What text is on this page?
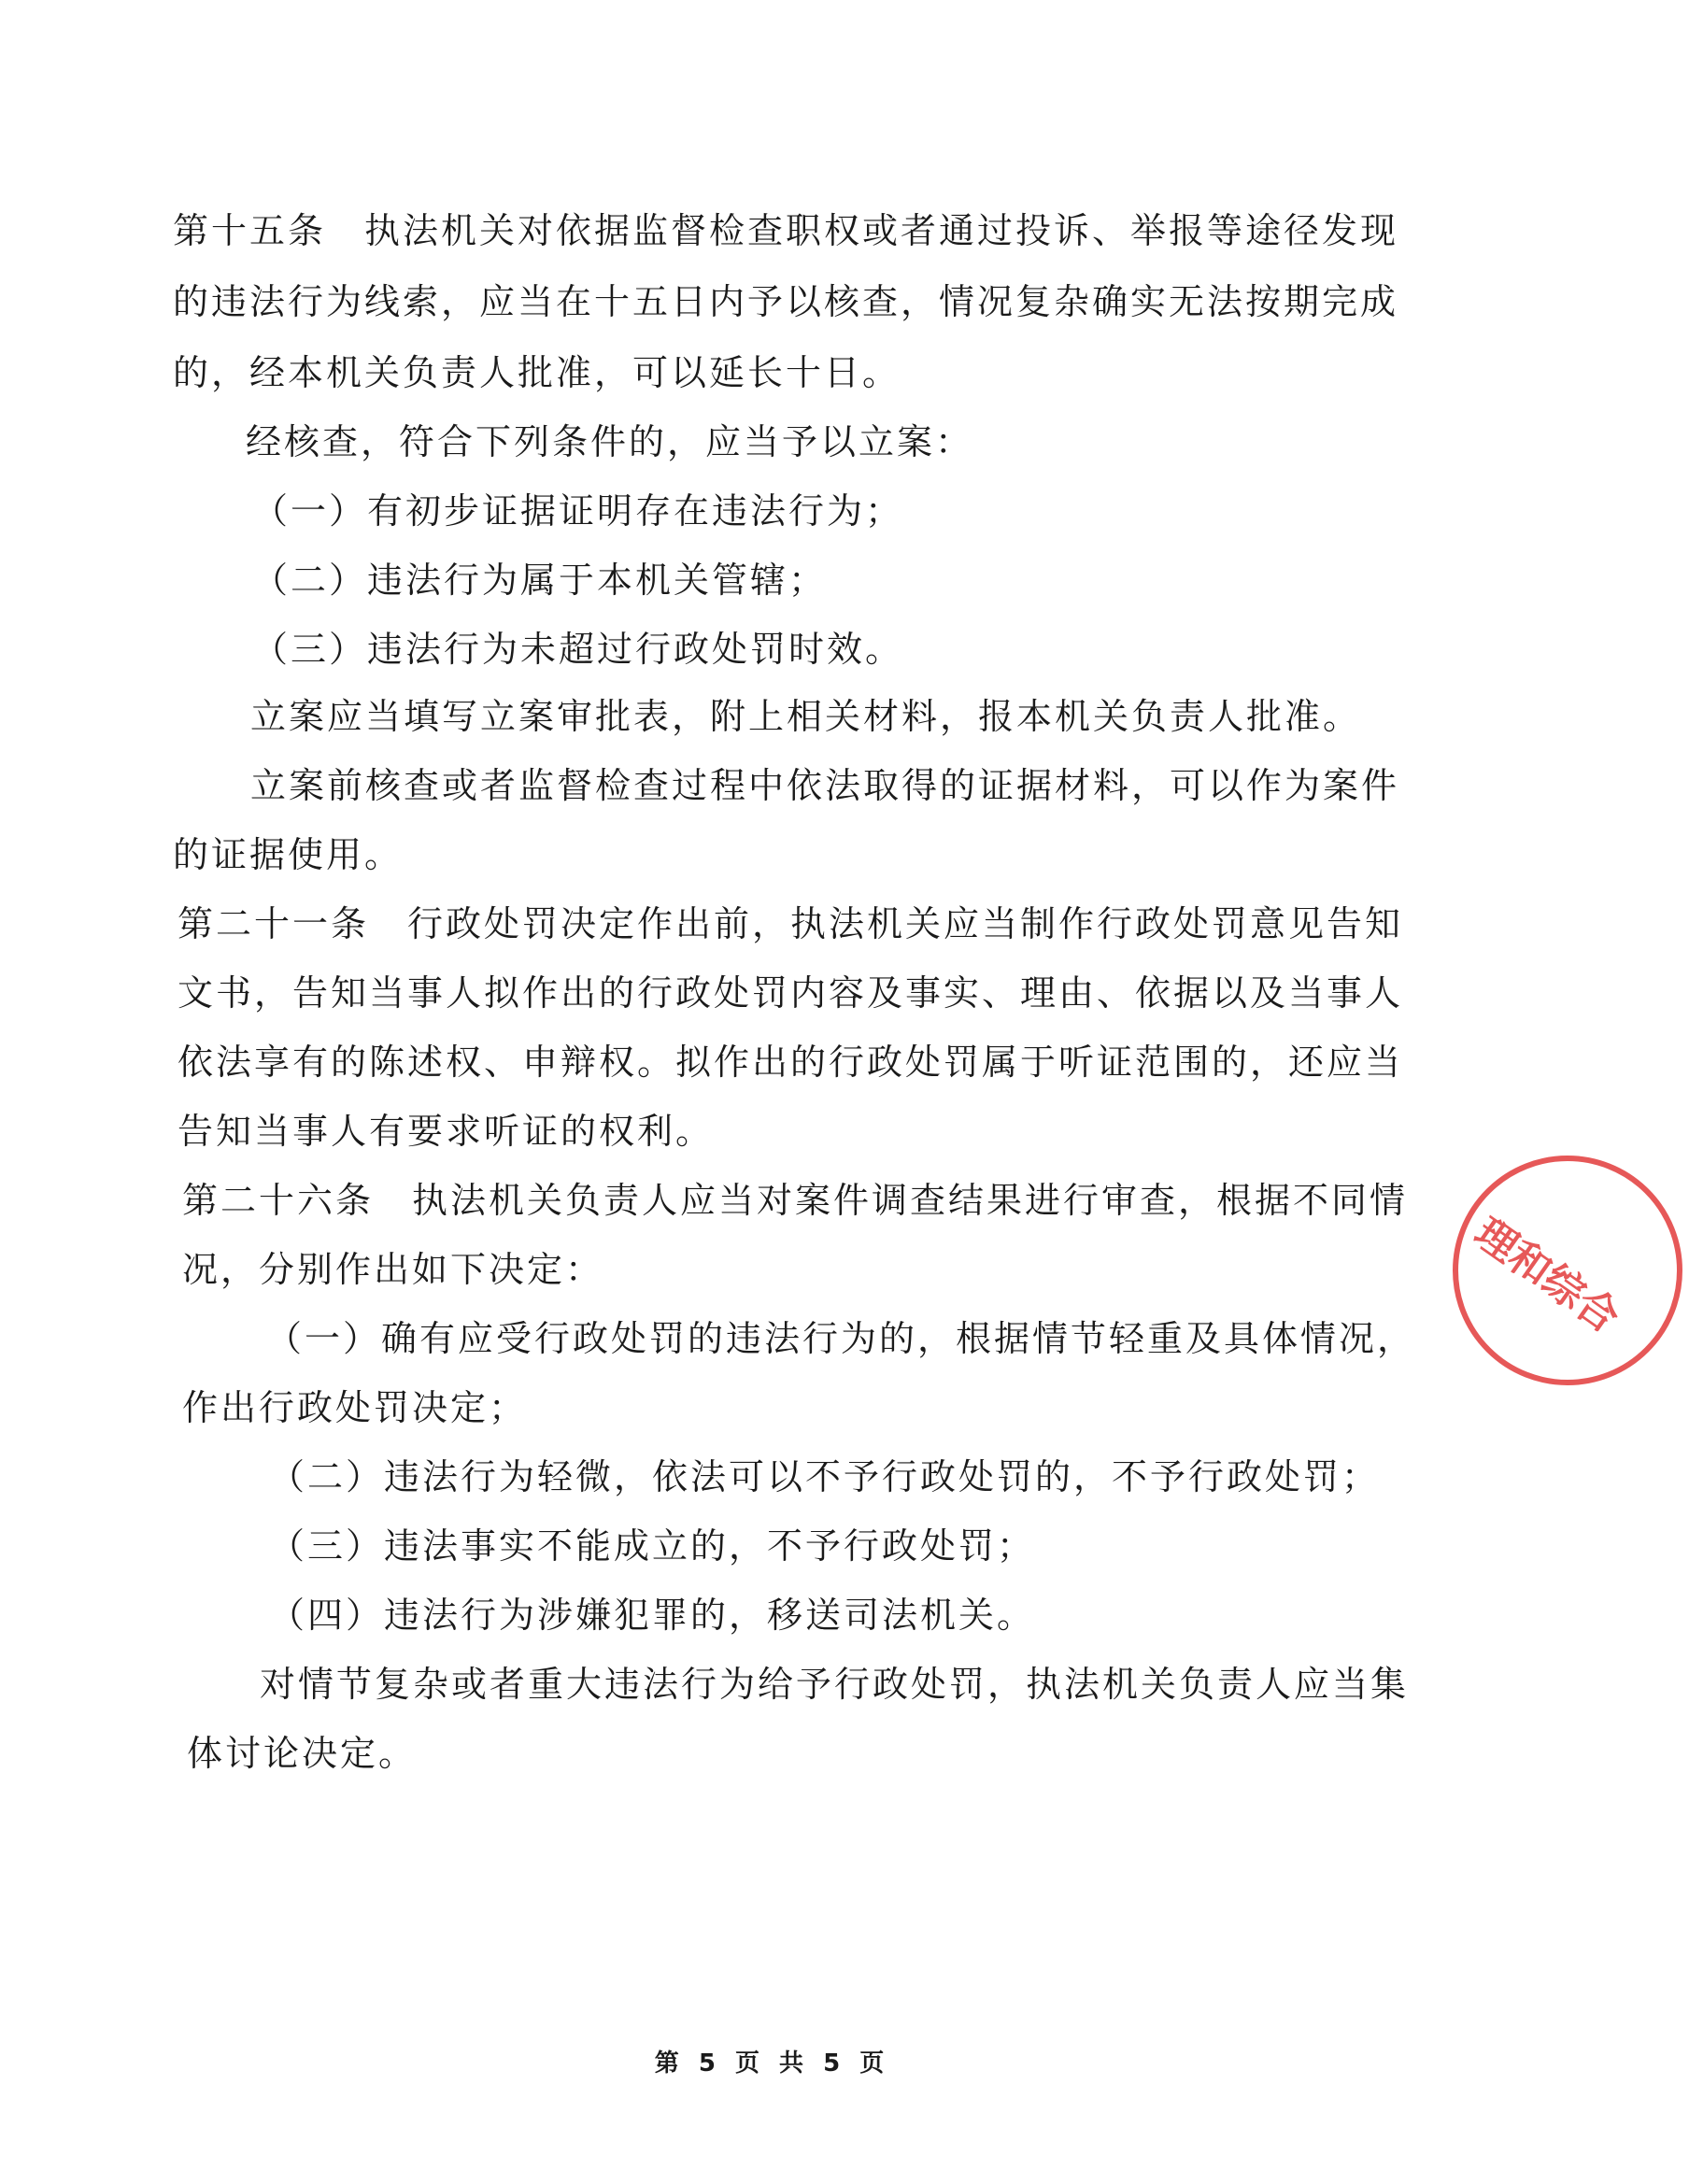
第十五条　执法机关对依据监督检查职权或者通过投诉、举报等途径发现
的违法行为线索，应当在十五日内予以核查，情况复杂确实无法按期完成
的，经本机关负责人批准，可以延长十日。
经核查，符合下列条件的，应当予以立案：
（一）有初步证据证明存在违法行为；
（二）违法行为属于本机关管辖；
（三）违法行为未超过行政处罚时效。
立案应当填写立案审批表，附上相关材料，报本机关负责人批准。
立案前核查或者监督检查过程中依法取得的证据材料，可以作为案件
的证据使用。
第二十一条　行政处罚决定作出前，执法机关应当制作行政处罚意见告知
文书，告知当事人拟作出的行政处罚内容及事实、理由、依据以及当事人
依法享有的陈述权、申辩权。拟作出的行政处罚属于听证范围的，还应当
告知当事人有要求听证的权利。
第二十六条　执法机关负责人应当对案件调查结果进行审查，根据不同情
况，分别作出如下决定：
（一）确有应受行政处罚的违法行为的，根据情节轻重及具体情况，
作出行政处罚决定；
（二）违法行为轻微，依法可以不予行政处罚的，不予行政处罚；
（三）违法事实不能成立的，不予行政处罚；
（四）违法行为涉嫌犯罪的，移送司法机关。
对情节复杂或者重大违法行为给予行政处罚，执法机关负责人应当集
体讨论决定。
理和综合
第 5 页 共 5 页
